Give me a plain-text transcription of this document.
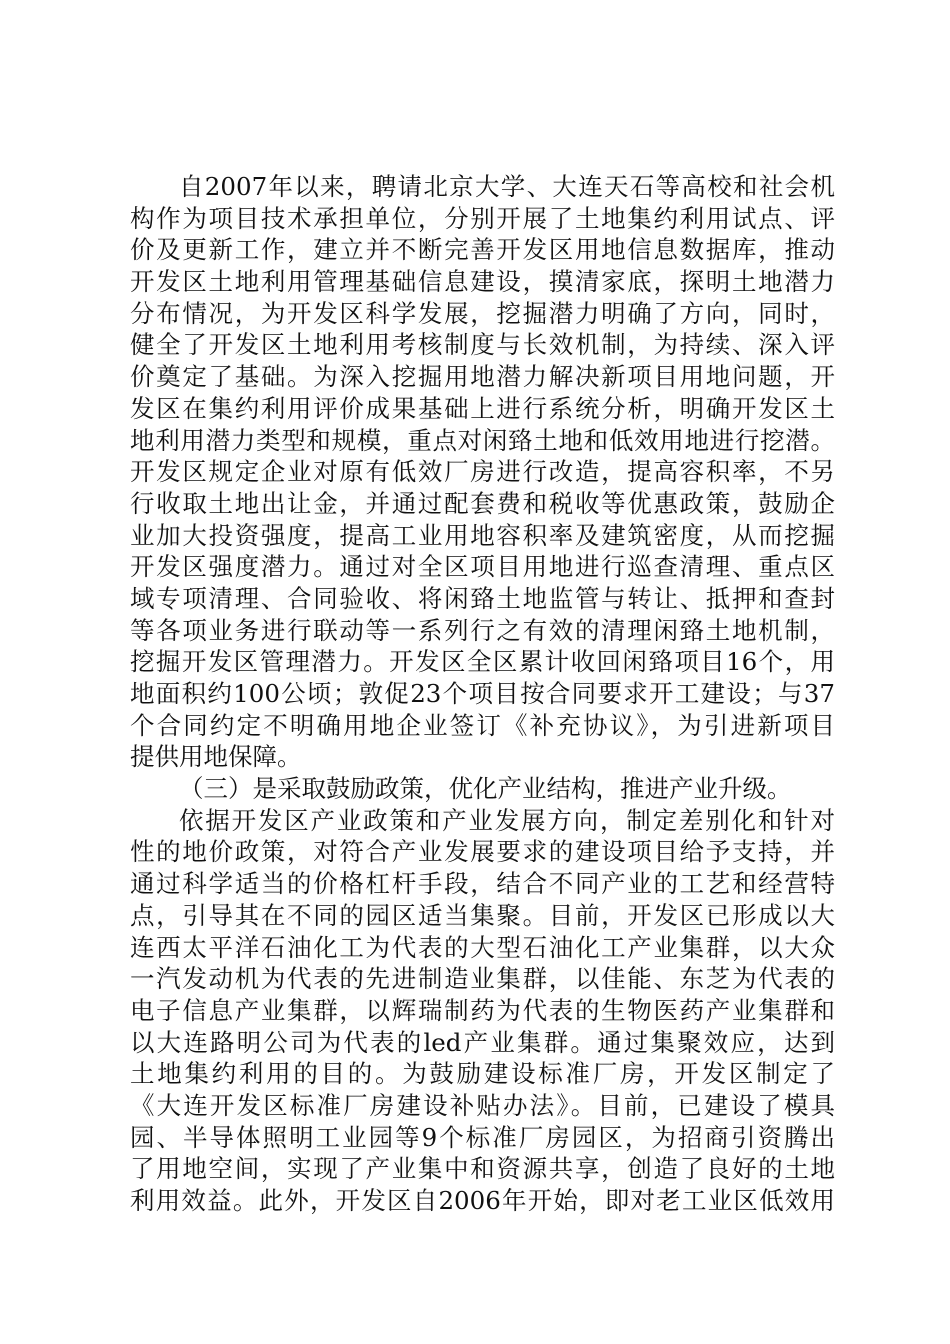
自2007年以来，聘请北京大学、大连天石等高校和社会机
构作为项目技术承担单位，分别开展了土地集约利用试点、评
价及更新工作，建立并不断完善开发区用地信息数据库，推动
开发区土地利用管理基础信息建设，摸清家底，探明土地潜力
分布情况，为开发区科学发展，挖掘潜力明确了方向，同时，
健全了开发区土地利用考核制度与长效机制，为持续、深入评
价奠定了基础。为深入挖掘用地潜力解决新项目用地问题，开
发区在集约利用评价成果基础上进行系统分析，明确开发区土
地利用潜力类型和规模，重点对闲臵土地和低效用地进行挖潜。
开发区规定企业对原有低效厂房进行改造，提高容积率，不另
行收取土地出让金，并通过配套费和税收等优惠政策，鼓励企
业加大投资强度，提高工业用地容积率及建筑密度，从而挖掘
开发区强度潜力。通过对全区项目用地进行巡查清理、重点区
域专项清理、合同验收、将闲臵土地监管与转让、抵押和查封
等各项业务进行联动等一系列行之有效的清理闲臵土地机制，
挖掘开发区管理潜力。开发区全区累计收回闲臵项目16个，用
地面积约100公顷；敦促23个项目按合同要求开工建设；与37
个合同约定不明确用地企业签订《补充协议》，为引进新项目
提供用地保障。
（三）是采取鼓励政策，优化产业结构，推进产业升级。
依据开发区产业政策和产业发展方向，制定差别化和针对
性的地价政策，对符合产业发展要求的建设项目给予支持，并
通过科学适当的价格杠杆手段，结合不同产业的工艺和经营特
点，引导其在不同的园区适当集聚。目前，开发区已形成以大
连西太平洋石油化工为代表的大型石油化工产业集群，以大众
一汽发动机为代表的先进制造业集群，以佳能、东芝为代表的
电子信息产业集群，以辉瑞制药为代表的生物医药产业集群和
以大连路明公司为代表的led产业集群。通过集聚效应，达到
土地集约利用的目的。为鼓励建设标准厂房，开发区制定了
《大连开发区标准厂房建设补贴办法》。目前，已建设了模具
园、半导体照明工业园等9个标准厂房园区，为招商引资腾出
了用地空间，实现了产业集中和资源共享，创造了良好的土地
利用效益。此外，开发区自2006年开始，即对老工业区低效用
